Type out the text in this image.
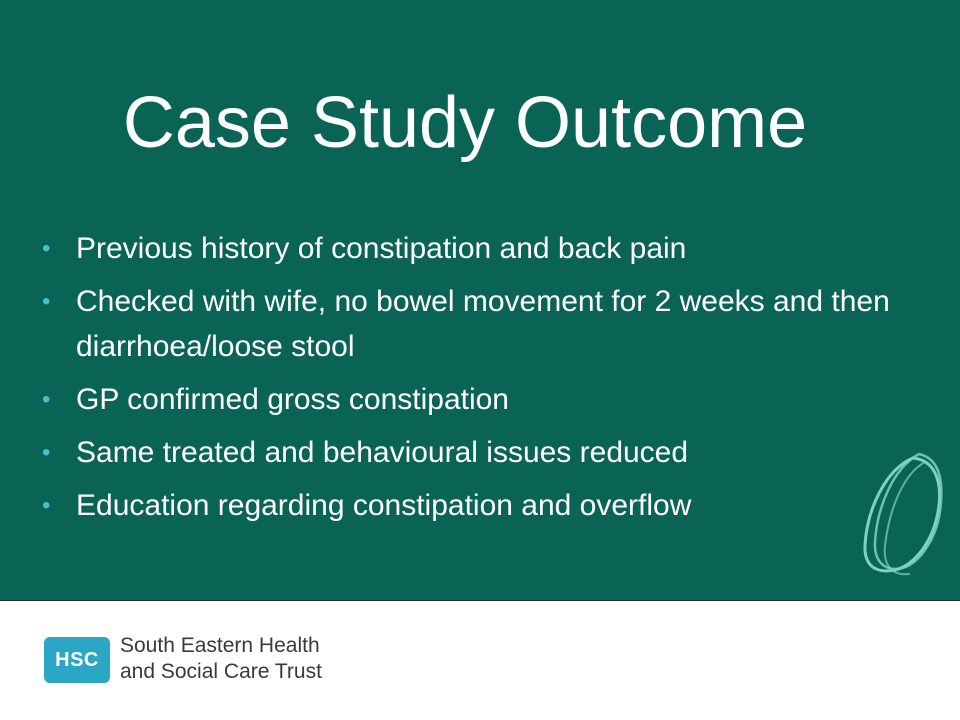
Case Study Outcome
• Previous history of constipation and back pain
• Checked with wife, no bowel movement for 2 weeks and then diarrhoea/loose stool
• GP confirmed gross constipation
• Same treated and behavioural issues reduced
• Education regarding constipation and overflow
HSC
South Eastern Health
and Social Care Trust
